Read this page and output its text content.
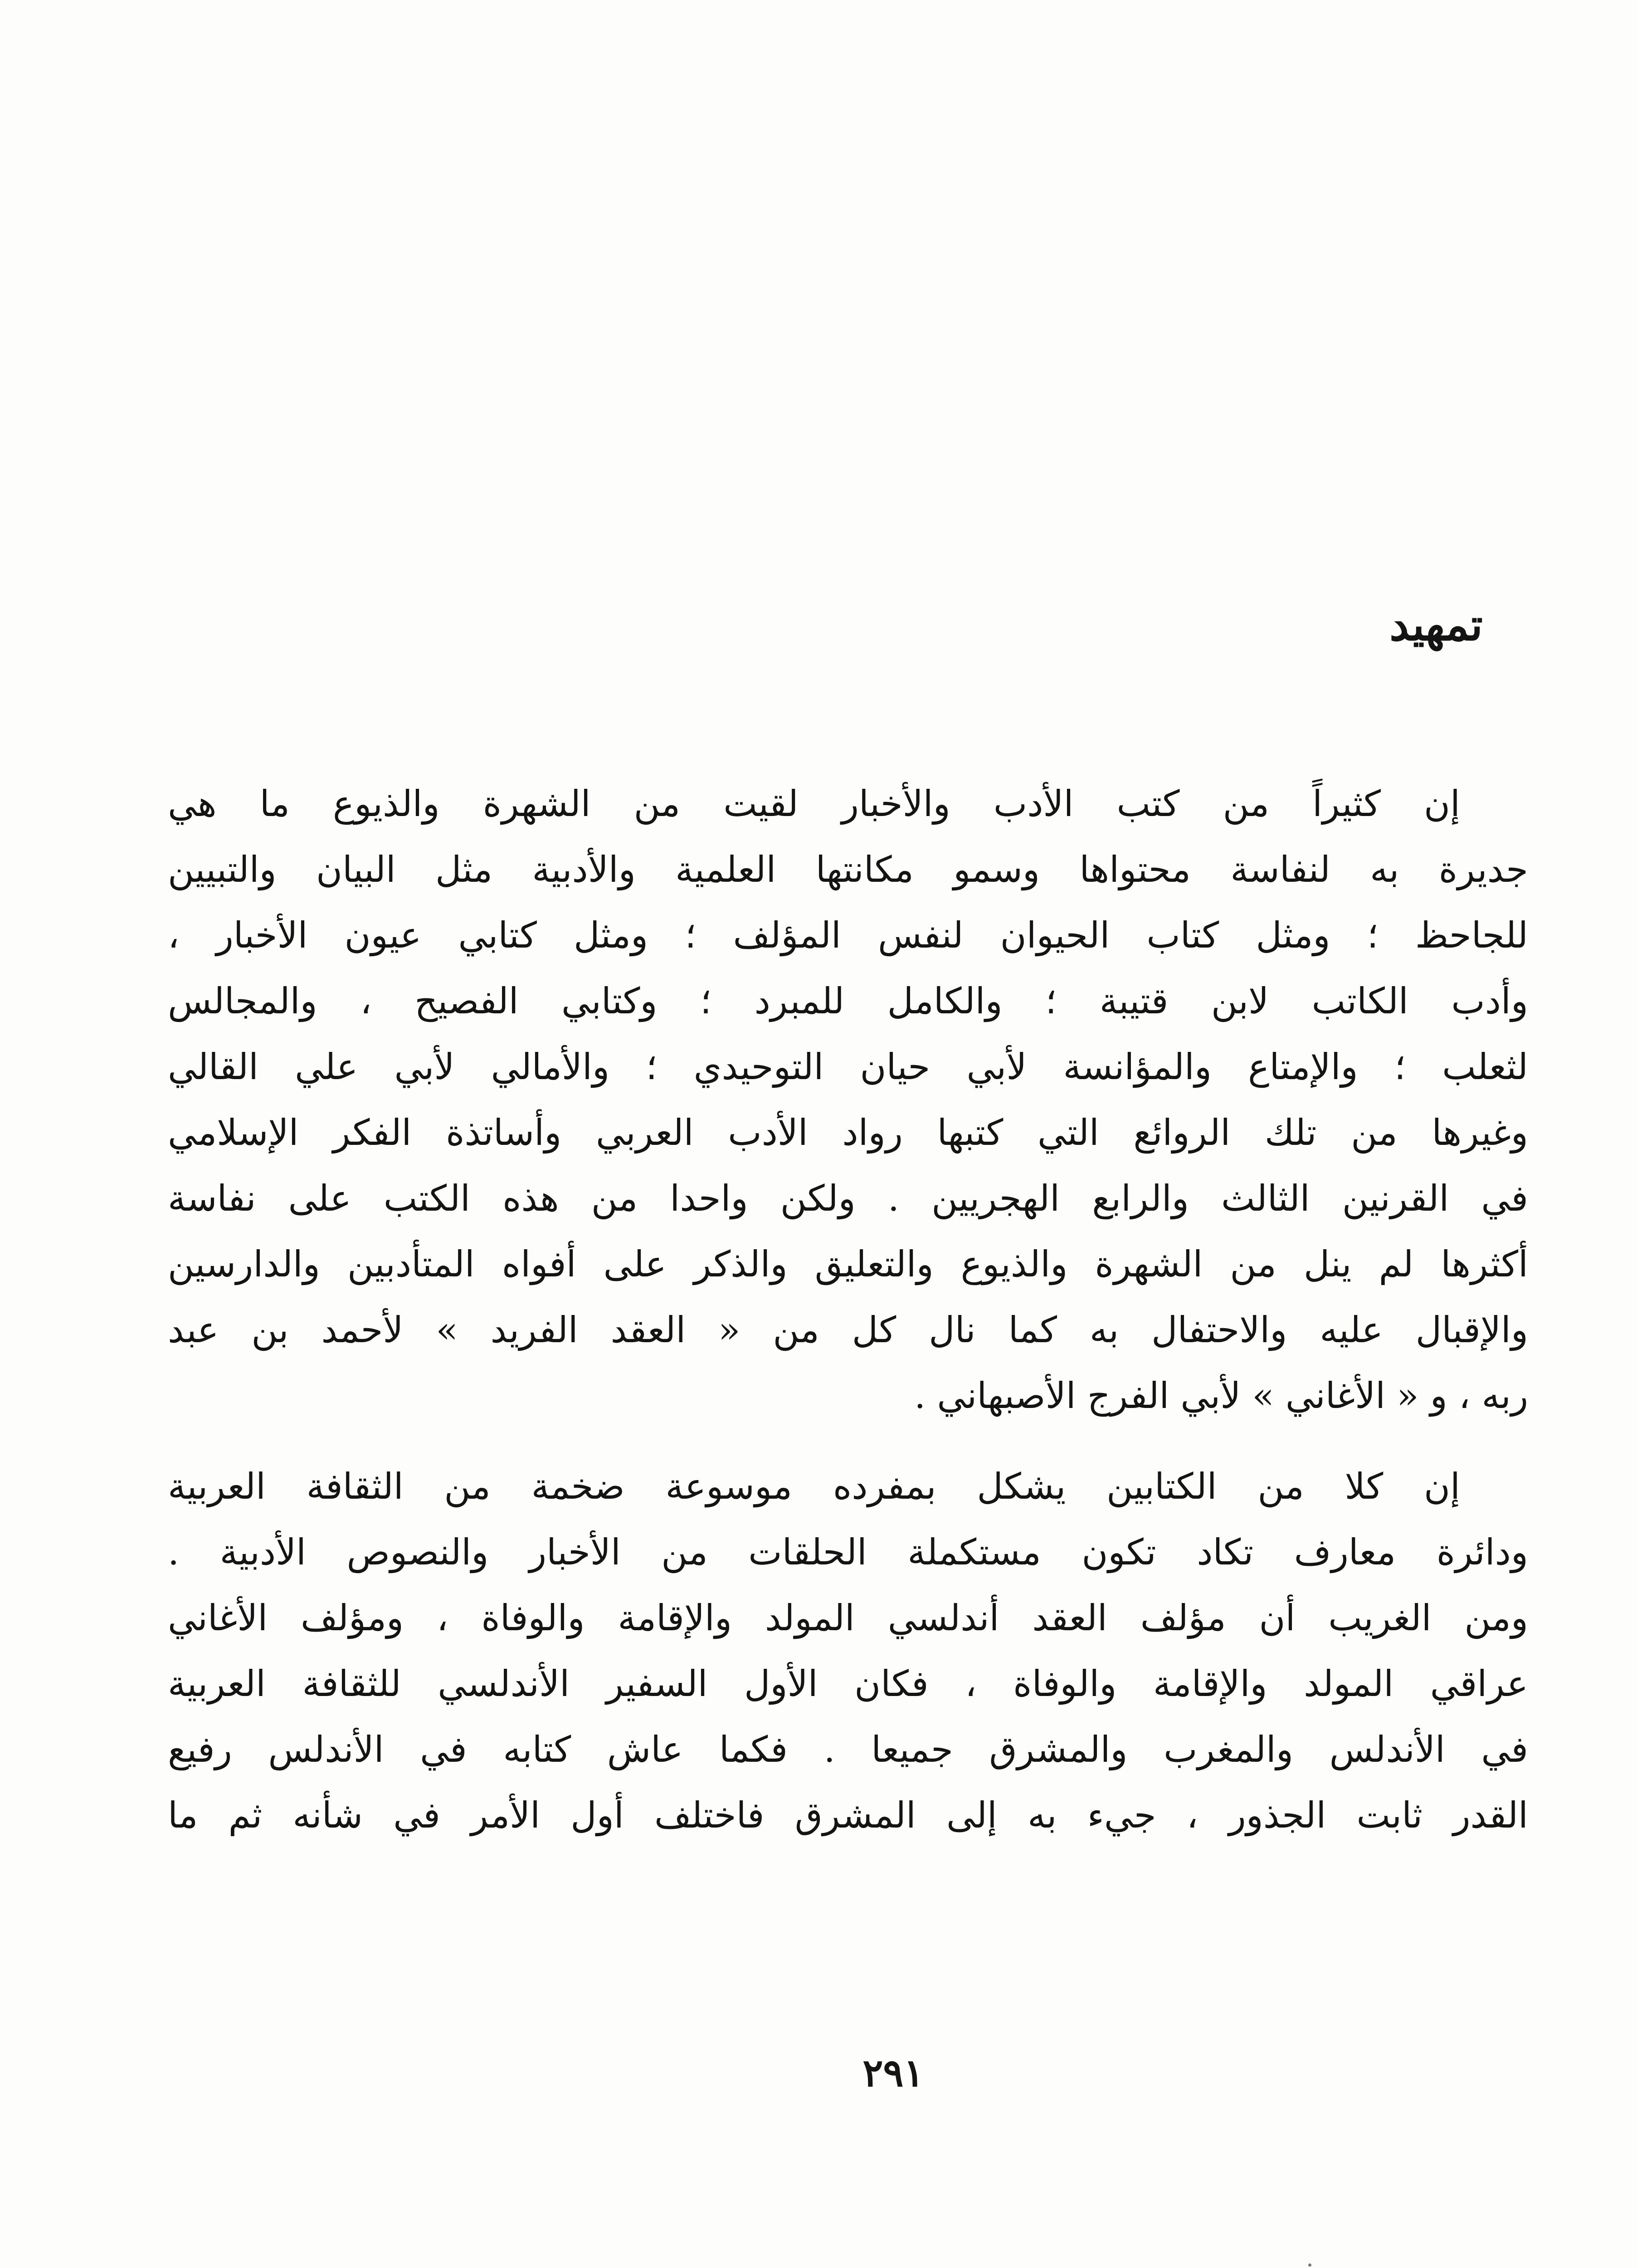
تمهيد

إن كثيراً من كتب الأدب والأخبار لقيت من الشهرة والذيوع ما هي
جديرة به لنفاسة محتواها وسمو مكانتها العلمية والأدبية مثل البيان والتبيين
للجاحظ ؛ ومثل كتاب الحيوان لنفس المؤلف ؛ ومثل كتابي عيون الأخبار ،
وأدب الكاتب لابن قتيبة ؛ والكامل للمبرد ؛ وكتابي الفصيح ، والمجالس
لثعلب ؛ والإمتاع والمؤانسة لأبي حيان التوحيدي ؛ والأمالي لأبي علي القالي
وغيرها من تلك الروائع التي كتبها رواد الأدب العربي وأساتذة الفكر الإسلامي
في القرنين الثالث والرابع الهجريين . ولكن واحدا من هذه الكتب على نفاسة
أكثرها لم ينل من الشهرة والذيوع والتعليق والذكر على أفواه المتأدبين والدارسين
والإقبال عليه والاحتفال به كما نال كل من « العقد الفريد » لأحمد بن عبد
ربه ، و « الأغاني » لأبي الفرج الأصبهاني .

إن كلا من الكتابين يشكل بمفرده موسوعة ضخمة من الثقافة العربية
ودائرة معارف تكاد تكون مستكملة الحلقات من الأخبار والنصوص الأدبية .
ومن الغريب أن مؤلف العقد أندلسي المولد والإقامة والوفاة ، ومؤلف الأغاني
عراقي المولد والإقامة والوفاة ، فكان الأول السفير الأندلسي للثقافة العربية
في الأندلس والمغرب والمشرق جميعا . فكما عاش كتابه في الأندلس رفيع
القدر ثابت الجذور ، جيء به إلى المشرق فاختلف أول الأمر في شأنه ثم ما

٢٩١
